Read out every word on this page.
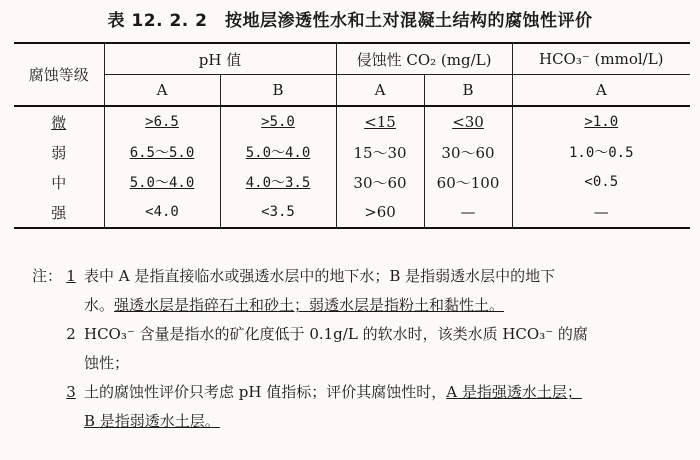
表 12. 2. 2　按地层渗透性水和土对混凝土结构的腐蚀性评价
腐蚀等级	pH 值		侵蚀性 CO₂ (mg/L)		HCO₃⁻ (mmol/L)
	A	B	A	B	A
微	>6.5	>5.0	<15	<30	>1.0
弱	6.5～5.0	5.0～4.0	15～30	30～60	1.0～0.5
中	5.0～4.0	4.0～3.5	30～60	60～100	<0.5
强	<4.0	<3.5	>60	—	—
注： 1 表中 A 是指直接临水或强透水层中的地下水；B 是指弱透水层中的地下
水。强透水层是指碎石土和砂土；弱透水层是指粉土和黏性土。
2 HCO₃⁻ 含量是指水的矿化度低于 0.1g/L 的软水时，该类水质 HCO₃⁻ 的腐
蚀性；
3 土的腐蚀性评价只考虑 pH 值指标；评价其腐蚀性时，A 是指强透水土层；
B 是指弱透水土层。
